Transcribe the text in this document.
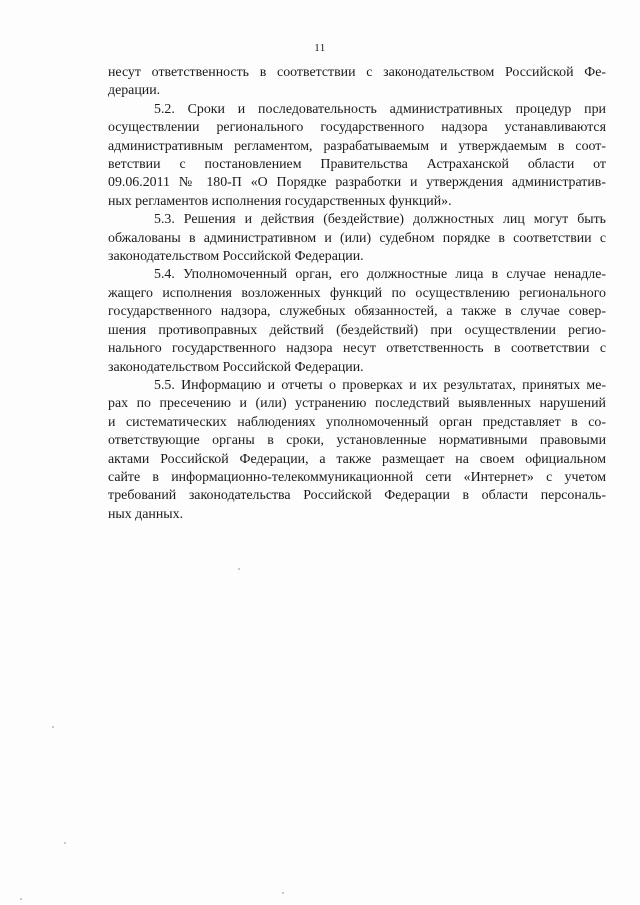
11
несут ответственность в соответствии с законодательством Российской Фе-
дерации.
5.2. Сроки и последовательность административных процедур при
осуществлении регионального государственного надзора устанавливаются
административным регламентом, разрабатываемым и утверждаемым в соот-
ветствии с постановлением Правительства Астраханской области от
09.06.2011 № 180-П «О Порядке разработки и утверждения административ-
ных регламентов исполнения государственных функций».
5.3. Решения и действия (бездействие) должностных лиц могут быть
обжалованы в административном и (или) судебном порядке в соответствии с
законодательством Российской Федерации.
5.4. Уполномоченный орган, его должностные лица в случае ненадле-
жащего исполнения возложенных функций по осуществлению регионального
государственного надзора, служебных обязанностей, а также в случае совер-
шения противоправных действий (бездействий) при осуществлении регио-
нального государственного надзора несут ответственность в соответствии с
законодательством Российской Федерации.
5.5. Информацию и отчеты о проверках и их результатах, принятых ме-
рах по пресечению и (или) устранению последствий выявленных нарушений
и систематических наблюдениях уполномоченный орган представляет в со-
ответствующие органы в сроки, установленные нормативными правовыми
актами Российской Федерации, а также размещает на своем официальном
сайте в информационно-телекоммуникационной сети «Интернет» с учетом
требований законодательства Российской Федерации в области персональ-
ных данных.
